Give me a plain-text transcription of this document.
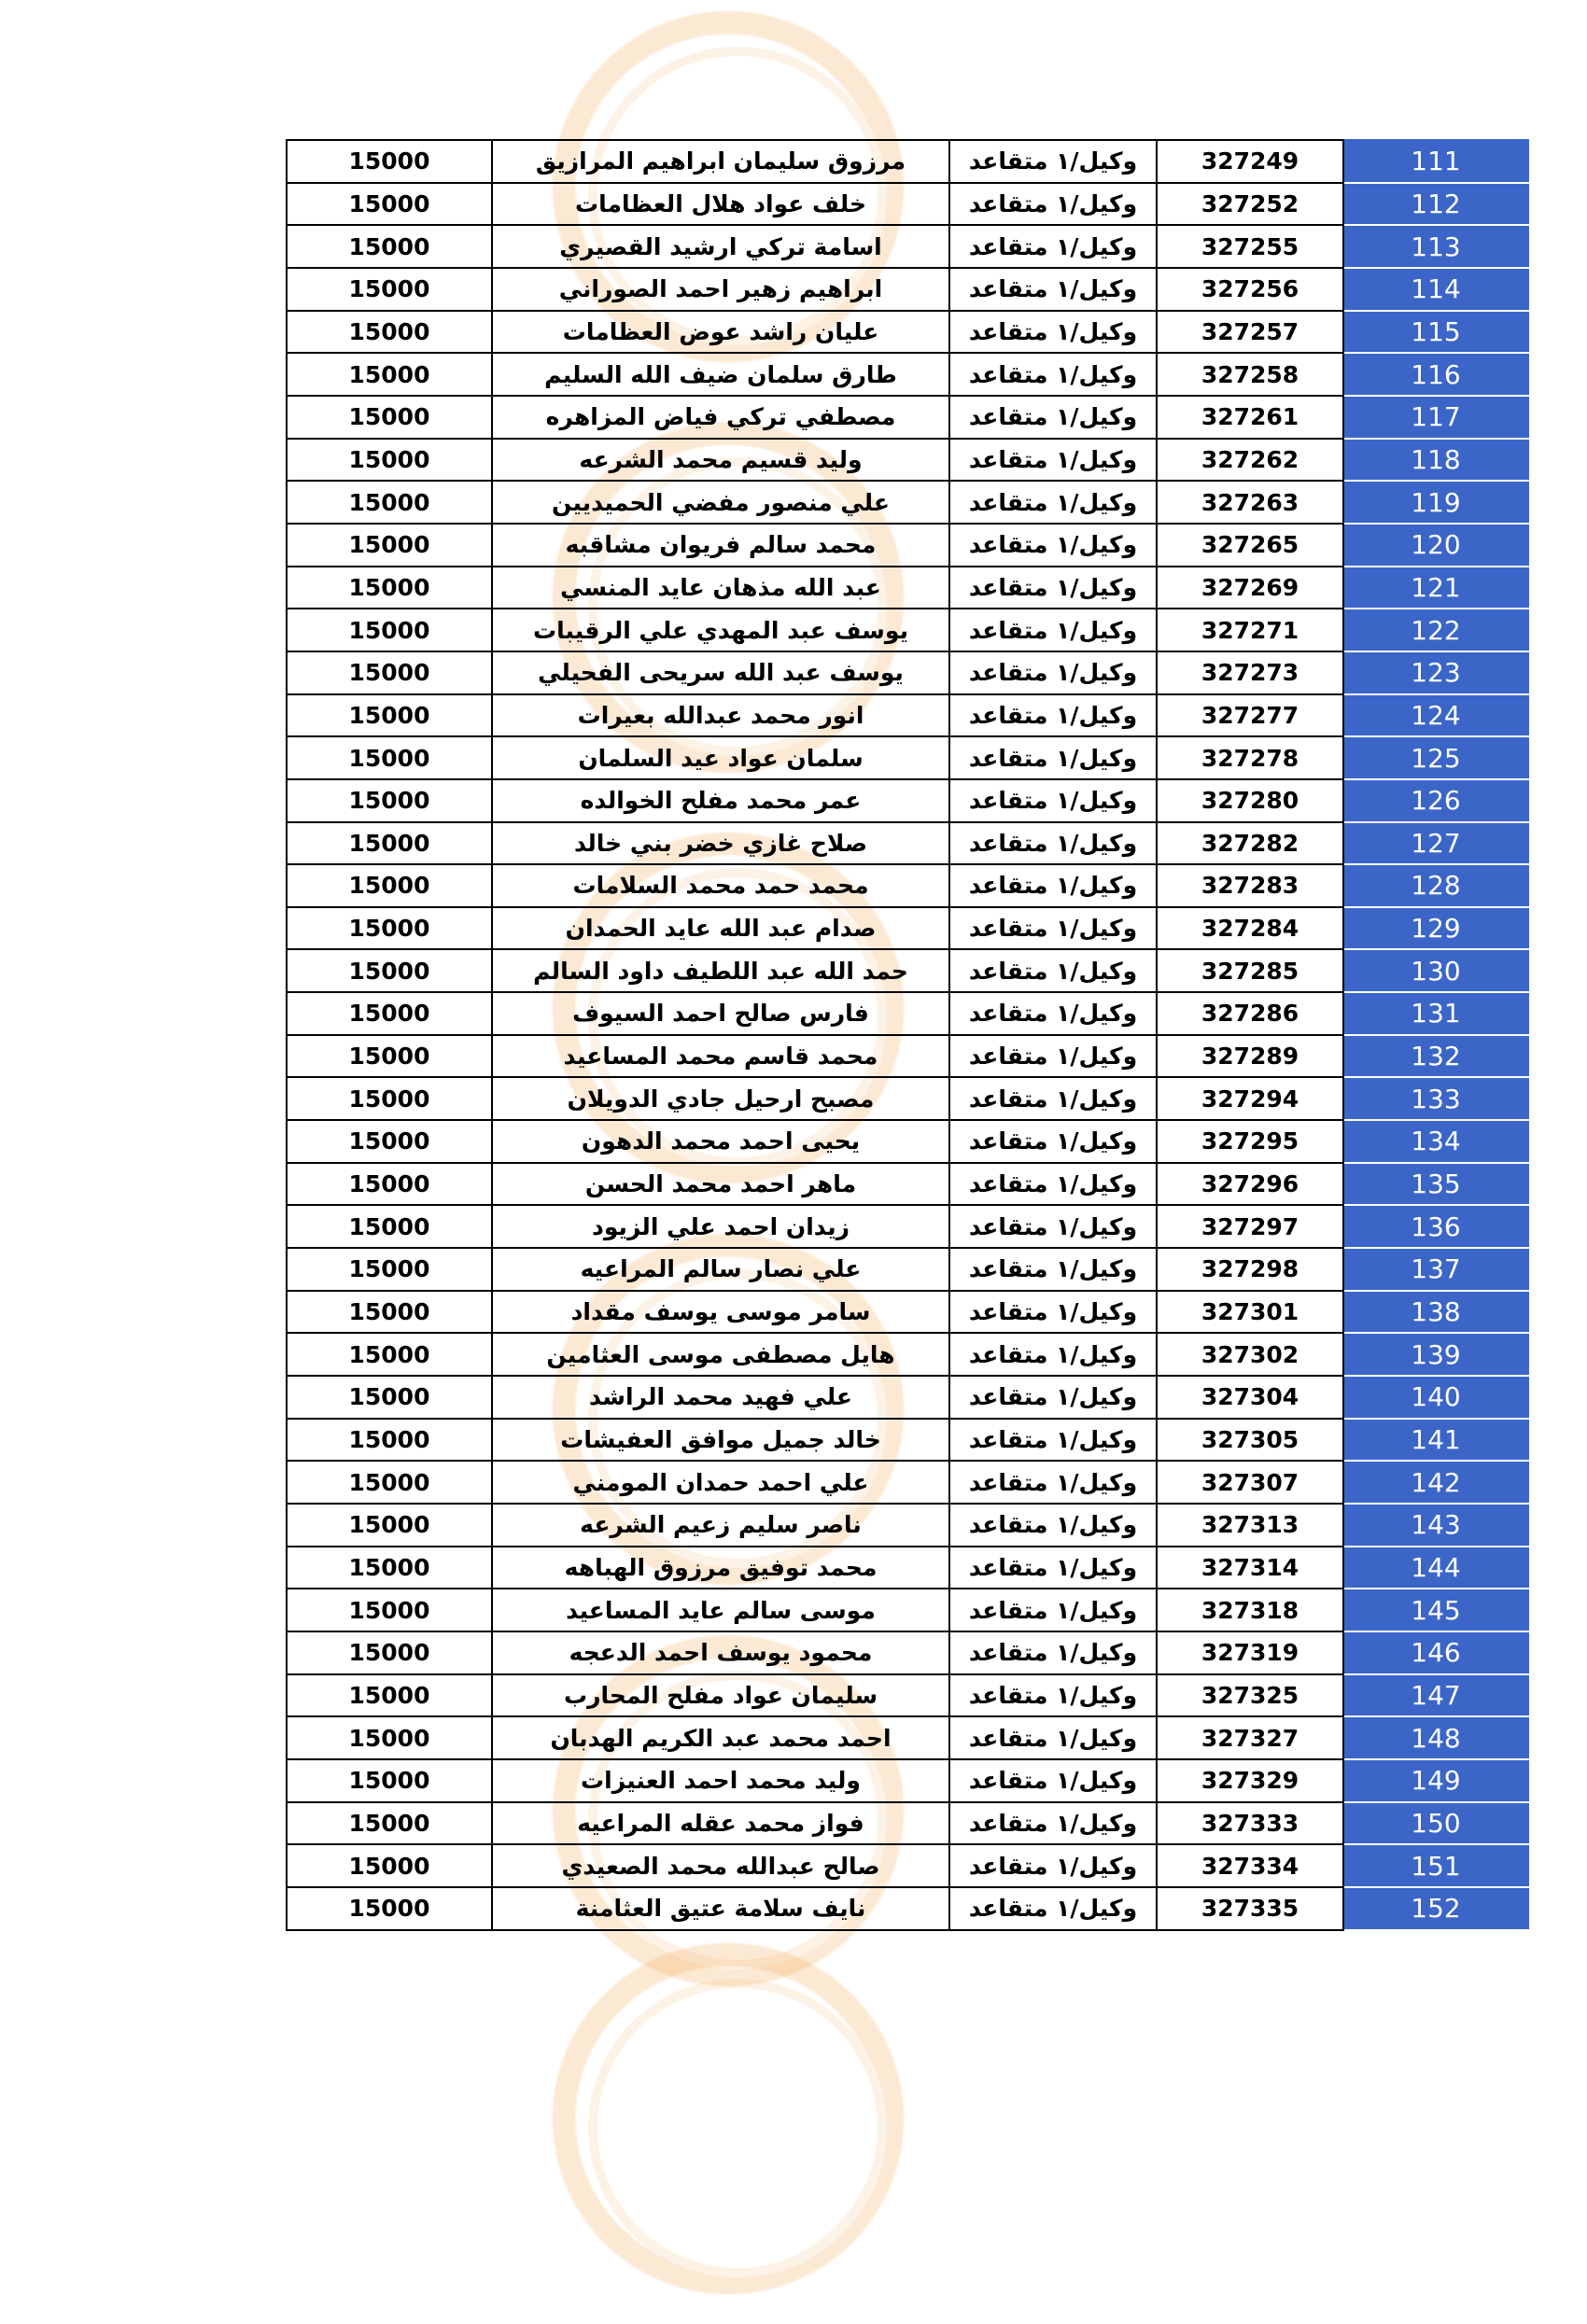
15000	مرزوق سليمان ابراهيم المرازيق	وكيل/١ متقاعد	327249	111
15000	خلف عواد هلال العظامات	وكيل/١ متقاعد	327252	112
15000	اسامة تركي ارشيد القصيري	وكيل/١ متقاعد	327255	113
15000	ابراهيم زهير احمد الصوراني	وكيل/١ متقاعد	327256	114
15000	عليان راشد عوض العظامات	وكيل/١ متقاعد	327257	115
15000	طارق سلمان ضيف الله السليم	وكيل/١ متقاعد	327258	116
15000	مصطفي تركي فياض المزاهره	وكيل/١ متقاعد	327261	117
15000	وليد قسيم محمد الشرعه	وكيل/١ متقاعد	327262	118
15000	علي منصور مفضي الحميديين	وكيل/١ متقاعد	327263	119
15000	محمد سالم فريوان مشاقبه	وكيل/١ متقاعد	327265	120
15000	عبد الله مذهان عايد المنسي	وكيل/١ متقاعد	327269	121
15000	يوسف عبد المهدي علي الرقيبات	وكيل/١ متقاعد	327271	122
15000	يوسف عبد الله سريحى الفحيلي	وكيل/١ متقاعد	327273	123
15000	انور محمد عبدالله بعيرات	وكيل/١ متقاعد	327277	124
15000	سلمان عواد عيد السلمان	وكيل/١ متقاعد	327278	125
15000	عمر محمد مفلح الخوالده	وكيل/١ متقاعد	327280	126
15000	صلاح غازي خضر بني خالد	وكيل/١ متقاعد	327282	127
15000	محمد حمد محمد السلامات	وكيل/١ متقاعد	327283	128
15000	صدام عبد الله عايد الحمدان	وكيل/١ متقاعد	327284	129
15000	حمد الله عبد اللطيف داود السالم	وكيل/١ متقاعد	327285	130
15000	فارس صالح احمد السيوف	وكيل/١ متقاعد	327286	131
15000	محمد قاسم محمد المساعيد	وكيل/١ متقاعد	327289	132
15000	مصبح ارحيل جادي الدويلان	وكيل/١ متقاعد	327294	133
15000	يحيى احمد محمد الدهون	وكيل/١ متقاعد	327295	134
15000	ماهر احمد محمد الحسن	وكيل/١ متقاعد	327296	135
15000	زيدان احمد علي الزيود	وكيل/١ متقاعد	327297	136
15000	علي نصار سالم المراعيه	وكيل/١ متقاعد	327298	137
15000	سامر موسى يوسف مقداد	وكيل/١ متقاعد	327301	138
15000	هايل مصطفى موسى العثامين	وكيل/١ متقاعد	327302	139
15000	علي فهيد محمد الراشد	وكيل/١ متقاعد	327304	140
15000	خالد جميل موافق العفيشات	وكيل/١ متقاعد	327305	141
15000	علي احمد حمدان المومني	وكيل/١ متقاعد	327307	142
15000	ناصر سليم زعيم الشرعه	وكيل/١ متقاعد	327313	143
15000	محمد توفيق مرزوق الهباهه	وكيل/١ متقاعد	327314	144
15000	موسى سالم عايد المساعيد	وكيل/١ متقاعد	327318	145
15000	محمود يوسف احمد الدعجه	وكيل/١ متقاعد	327319	146
15000	سليمان عواد مفلح المحارب	وكيل/١ متقاعد	327325	147
15000	احمد محمد عبد الكريم الهدبان	وكيل/١ متقاعد	327327	148
15000	وليد محمد احمد العنيزات	وكيل/١ متقاعد	327329	149
15000	فواز محمد عقله المراعيه	وكيل/١ متقاعد	327333	150
15000	صالح عبدالله محمد الصعيدي	وكيل/١ متقاعد	327334	151
15000	نايف سلامة عتيق العثامنة	وكيل/١ متقاعد	327335	152
